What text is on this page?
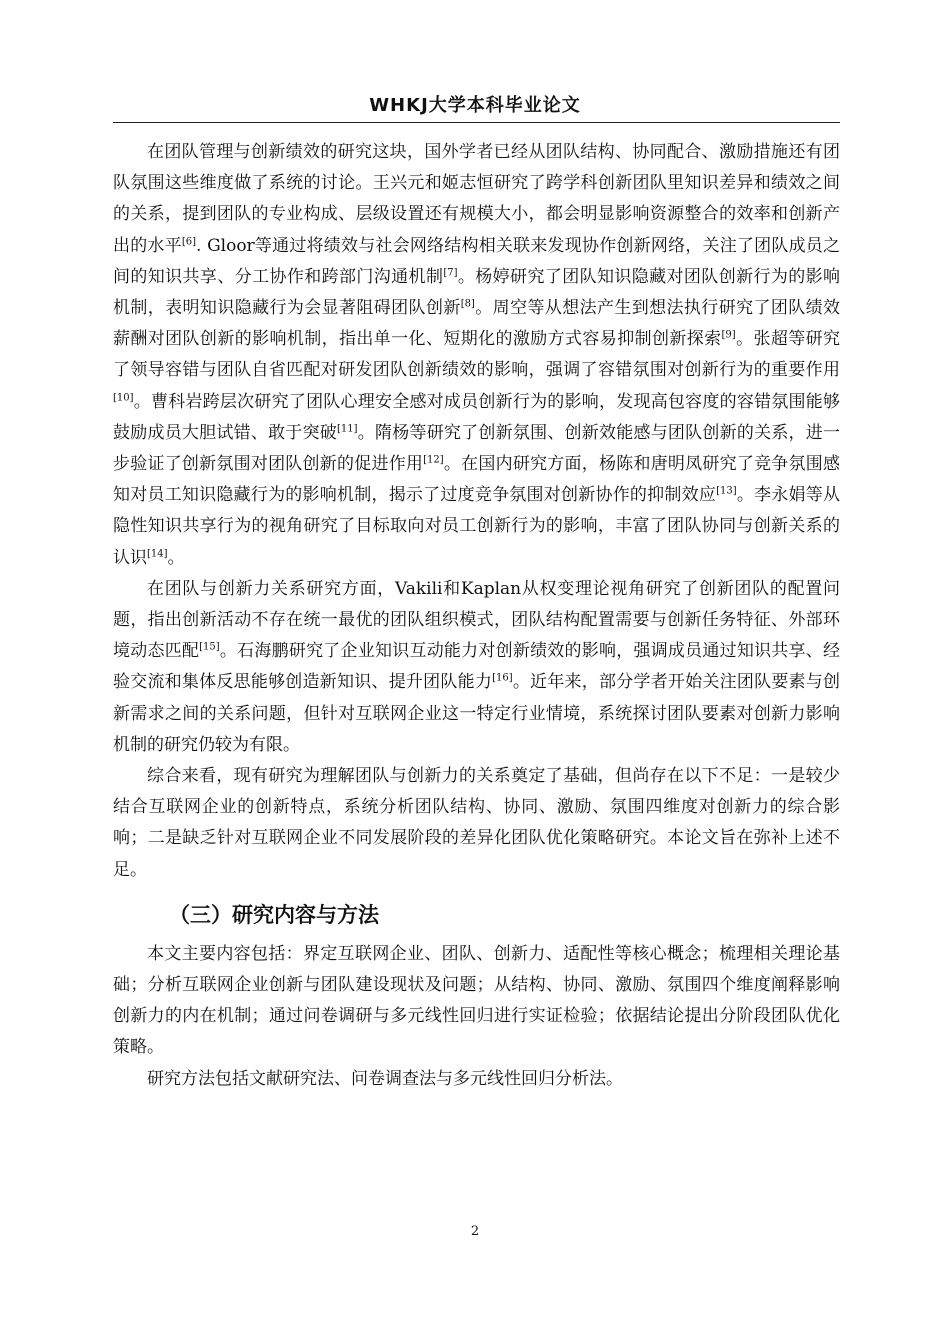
WHKJ大学本科毕业论文

在团队管理与创新绩效的研究这块，国外学者已经从团队结构、协同配合、激励措施还有团队氛围这些维度做了系统的讨论。王兴元和姬志恒研究了跨学科创新团队里知识差异和绩效之间的关系，提到团队的专业构成、层级设置还有规模大小，都会明显影响资源整合的效率和创新产出的水平[6]. Gloor等通过将绩效与社会网络结构相关联来发现协作创新网络，关注了团队成员之间的知识共享、分工协作和跨部门沟通机制[7]。杨婷研究了团队知识隐藏对团队创新行为的影响机制，表明知识隐藏行为会显著阻碍团队创新[8]。周空等从想法产生到想法执行研究了团队绩效薪酬对团队创新的影响机制，指出单一化、短期化的激励方式容易抑制创新探索[9]。张超等研究了领导容错与团队自省匹配对研发团队创新绩效的影响，强调了容错氛围对创新行为的重要作用[10]。曹科岩跨层次研究了团队心理安全感对成员创新行为的影响，发现高包容度的容错氛围能够鼓励成员大胆试错、敢于突破[11]。隋杨等研究了创新氛围、创新效能感与团队创新的关系，进一步验证了创新氛围对团队创新的促进作用[12]。在国内研究方面，杨陈和唐明凤研究了竞争氛围感知对员工知识隐藏行为的影响机制，揭示了过度竞争氛围对创新协作的抑制效应[13]。李永娟等从隐性知识共享行为的视角研究了目标取向对员工创新行为的影响，丰富了团队协同与创新关系的认识[14]。

在团队与创新力关系研究方面，Vakili和Kaplan从权变理论视角研究了创新团队的配置问题，指出创新活动不存在统一最优的团队组织模式，团队结构配置需要与创新任务特征、外部环境动态匹配[15]。石海鹏研究了企业知识互动能力对创新绩效的影响，强调成员通过知识共享、经验交流和集体反思能够创造新知识、提升团队能力[16]。近年来，部分学者开始关注团队要素与创新需求之间的关系问题，但针对互联网企业这一特定行业情境，系统探讨团队要素对创新力影响机制的研究仍较为有限。

综合来看，现有研究为理解团队与创新力的关系奠定了基础，但尚存在以下不足：一是较少结合互联网企业的创新特点，系统分析团队结构、协同、激励、氛围四维度对创新力的综合影响；二是缺乏针对互联网企业不同发展阶段的差异化团队优化策略研究。本论文旨在弥补上述不足。

（三）研究内容与方法

本文主要内容包括：界定互联网企业、团队、创新力、适配性等核心概念；梳理相关理论基础；分析互联网企业创新与团队建设现状及问题；从结构、协同、激励、氛围四个维度阐释影响创新力的内在机制；通过问卷调研与多元线性回归进行实证检验；依据结论提出分阶段团队优化策略。

研究方法包括文献研究法、问卷调查法与多元线性回归分析法。

2
